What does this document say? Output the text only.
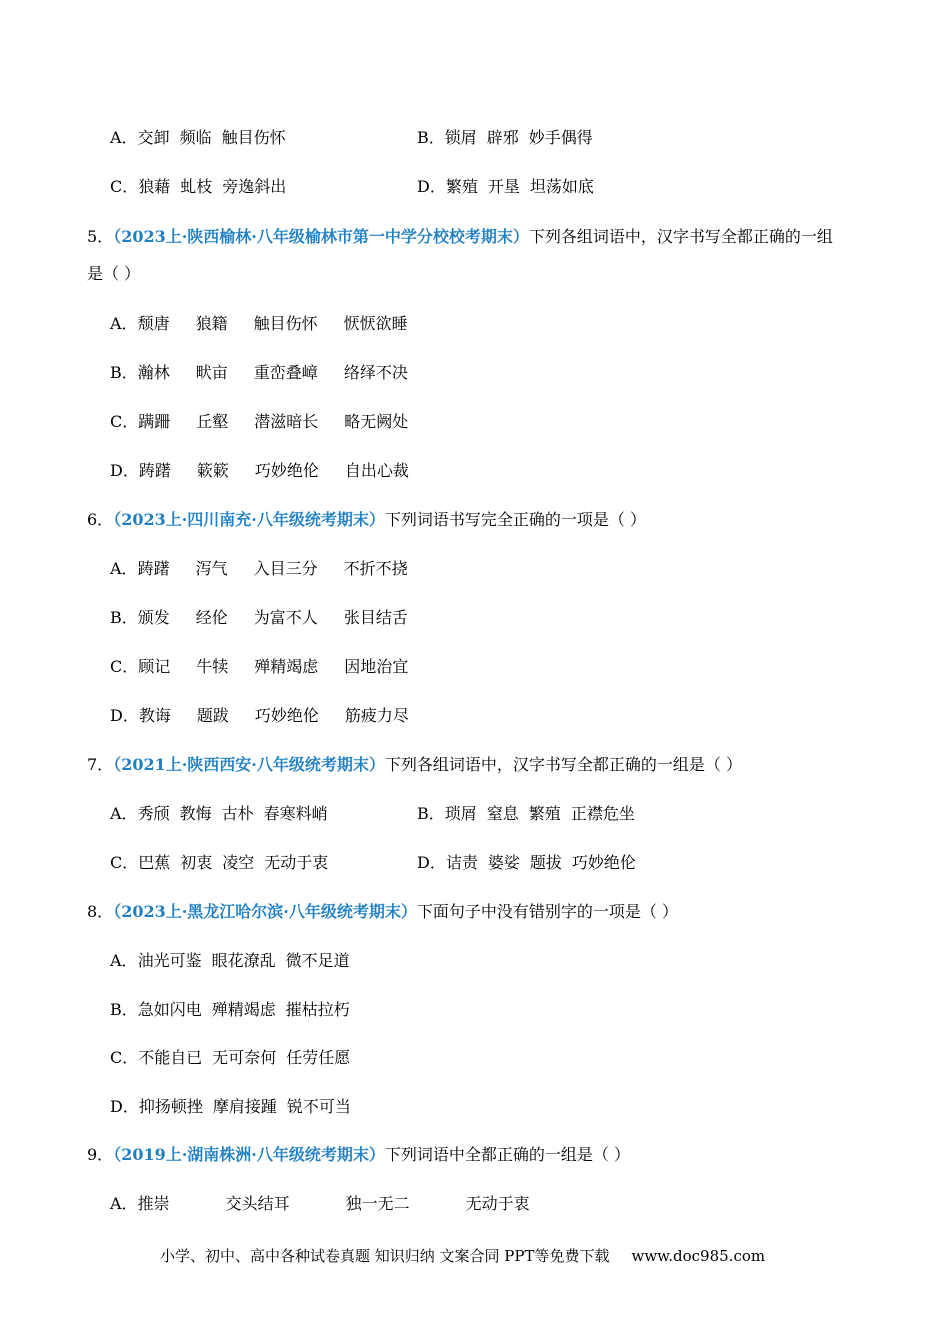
A．交卸 频临 触目伤怀	B．锁屑 辟邪 妙手偶得
C．狼藉 虬枝 旁逸斜出	D．繁殖 开垦 坦荡如底
5．（2023上·陕西榆林·八年级榆林市第一中学分校校考期末）下列各组词语中，汉字书写全都正确的一组
是（ ）
A．颓唐 狼籍 触目伤怀 恹恹欲睡
B．瀚林 畎亩 重峦叠嶂 络绎不决
C．蹒跚 丘壑 潜滋暗长 略无阙处
D．踌躇 簌簌 巧妙绝伦 自出心裁
6．（2023上·四川南充·八年级统考期末）下列词语书写完全正确的一项是（ ）
A．踌躇 泻气 入目三分 不折不挠
B．颁发 经伦 为富不人 张目结舌
C．顾记 牛犊 殚精竭虑 因地治宜
D．教诲 题跋 巧妙绝伦 筋疲力尽
7．（2021上·陕西西安·八年级统考期末）下列各组词语中，汉字书写全都正确的一组是（ ）
A．秀颀 教悔 古朴 春寒料峭	B．琐屑 窒息 繁殖 正襟危坐
C．巴蕉 初衷 凌空 无动于衷	D．诘责 婆娑 题拔 巧妙绝伦
8．（2023上·黑龙江哈尔滨·八年级统考期末）下面句子中没有错别字的一项是（ ）
A．油光可鉴 眼花潦乱 微不足道
B．急如闪电 殚精竭虑 摧枯拉朽
C．不能自已 无可奈何 任劳任愿
D．抑扬顿挫 摩肩接踵 锐不可当
9．（2019上·湖南株洲·八年级统考期末）下列词语中全都正确的一组是（ ）
A．推崇	交头结耳	独一无二	无动于衷
小学、初中、高中各种试卷真题 知识归纳 文案合同 PPT等免费下载 www.doc985.com
